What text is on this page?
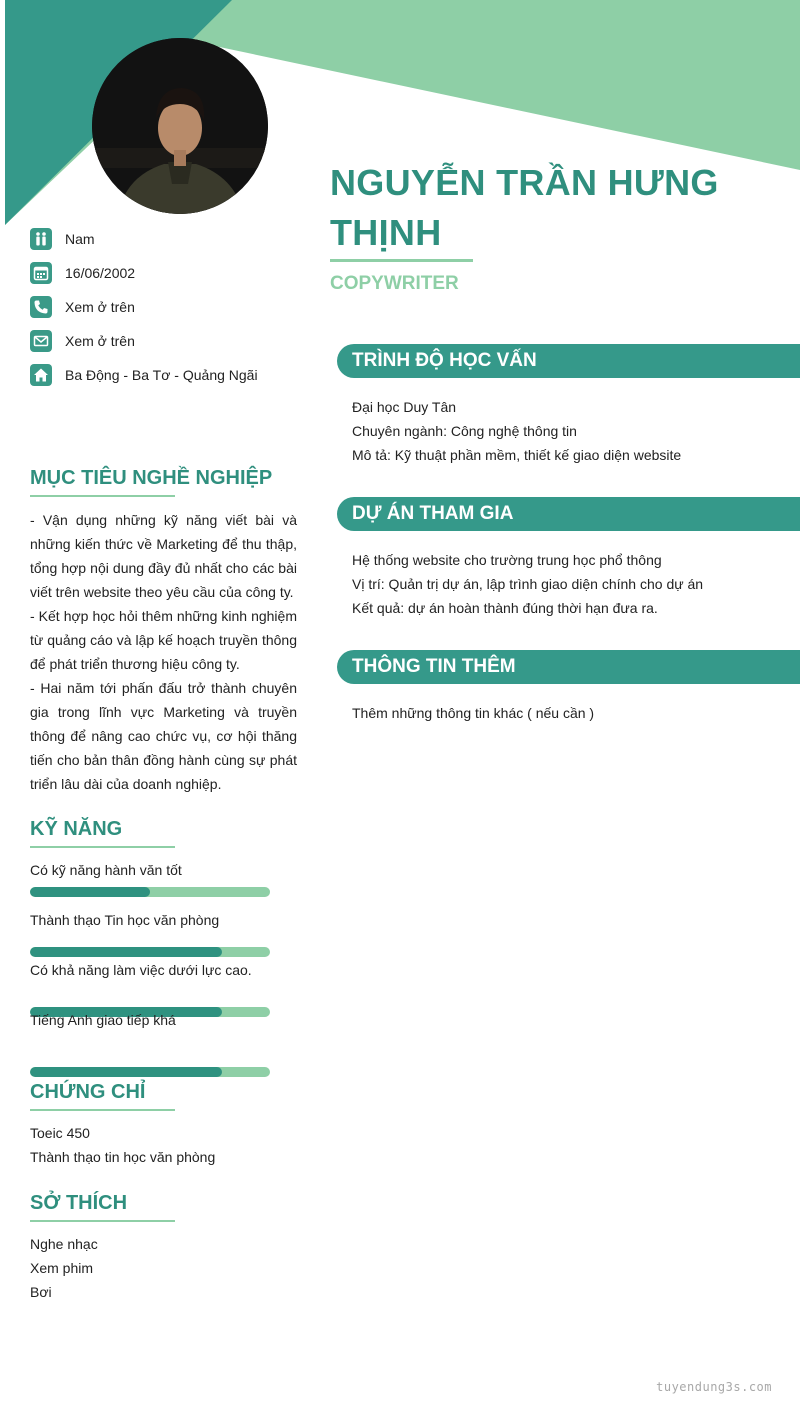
NGUYỄN TRẦN HƯNG THỊNH
COPYWRITER
Nam
16/06/2002
Xem ở trên
Xem ở trên
Ba Động - Ba Tơ - Quảng Ngãi
MỤC TIÊU NGHỀ NGHIỆP

- Vận dụng những kỹ năng viết bài và những kiến thức về Marketing để thu thập, tổng hợp nội dung đầy đủ nhất cho các bài viết trên website theo yêu cầu của công ty.

- Kết hợp học hỏi thêm những kinh nghiệm từ quảng cáo và lập kế hoạch truyền thông để phát triển thương hiệu công ty.

- Hai năm tới phấn đấu trở thành chuyên gia trong lĩnh vực Marketing và truyền thông để nâng cao chức vụ, cơ hội thăng tiến cho bản thân đồng hành cùng sự phát triển lâu dài của doanh nghiệp.

KỸ NĂNG
Có kỹ năng hành văn tốt
Thành thạo Tin học văn phòng
Có khả năng làm việc dưới lực cao.
Tiếng Anh giao tiếp khá
CHỨNG CHỈ
Toeic 450
Thành thạo tin học văn phòng
SỞ THÍCH
Nghe nhạc
Xem phim
Bơi
TRÌNH ĐỘ HỌC VẤN
Đại học Duy Tân
Chuyên ngành: Công nghệ thông tin
Mô tả: Kỹ thuật phần mềm, thiết kế giao diện website
DỰ ÁN THAM GIA
Hệ thống website cho trường trung học phổ thông
Vị trí: Quản trị dự án, lập trình giao diện chính cho dự án
Kết quả: dự án hoàn thành đúng thời hạn đưa ra.
THÔNG TIN THÊM
Thêm những thông tin khác ( nếu cần )
tuyendung3s.com
